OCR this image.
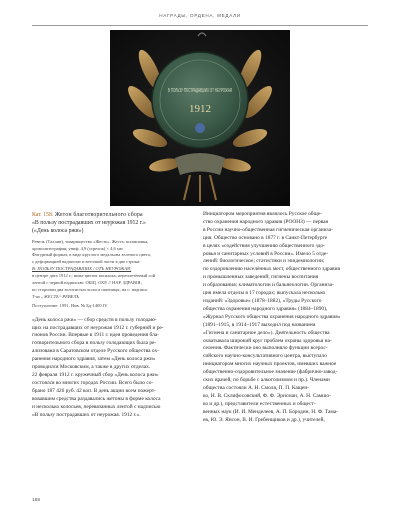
НАГРАДЫ, ОРДЕНА, МЕДАЛИ
В ПОЛЬЗУ ПОСТРАДАВШИХ ОТ НЕУРОЖАЯ
1912

Кат. 158. Жетон благотворительного сбора

«В пользу пострадавших от неурожая 1912 г.»

(«День колоса ржи»)

Ревель (Таллин), товарищество «Жесть». Жесть: штамповка,

хромолитография; униф. 4,9 (стрелок) × 4,6 мм

Фигурный формат, в виде круглого медальона зеленого цвета,

с деформацией надписью и веточкой части в две строки:

В: ПОЛЬЗУ ПОСТРАДАВШИХ / ОТЪ НЕУРОЖАЯ,

в центре дата 1912 г.; ниже цветок василька, переплетённый сой

лентой с черной надписью: ОБЩ. ОХР. // НАР. ЗДРАВІЯ;

по сторонам два золотистых колоса пшеницы; на с. надпись:

Т‑во „ЖЕСТЬ“ РЕВЕЛЬ

Поступление: 1991. Инв. № Бд‑1400 IV

«День колоса ржи» — сбор средств в пользу голодаю-

щих на пострадавших от неурожая 1912 г. губерний и ре-

гионов России. Впервые в 1911 г. идея проведения бла-

готворительного сбора в пользу голодающих была ре-

ализована в Саратовском отделе Русского общества ох-

ранения народного здравия, затем «День колоса ржи»

проводился Московским, а также в других отделах.

22 февраля 1912 г. кружечный сбор «День колоса ржи»

состоялся во многих городах России. Всего было со-

брано 187 426 руб. 42 коп. В день акции всем пожерт-

вовавшим средства раздавались жетоны в форме колоса

и несколько колосьев, перевязанных лентой с надписью

«В пользу пострадавших от неурожая. 1912 г.».

Инициатором мероприятия являлось Русское обще-

ство охранения народного здравия (РООНЗ) — первая

в России научно-общественная гигиеническая организа-

ция. Общество основано в 1877 г. в Санкт-Петербурге

в целях «содействия улучшению общественного здо-

ровья и санитарных условий в России». Имело 5 отде-

лений: биологическое; статистики и эпидемиологии;

по оздоровлению населённых мест, общественного здравия

и промышленных заведений; гигиены воспитания

и образования; климатологии и бальнеологии. Организа-

ция имела отделы в 17 городах; выпускала несколько

изданий: «Здоровье» (1878–1882), «Труды Русского

общества охранения народного здравия» (1884–1890),

«Журнал Русского общества охранения народного здравия»

(1891–1915, в 1914–1917 выходил под названием

«Гигиена и санитарное дело»). Деятельность общества

охватывала широкий круг проблем охраны здоровья на-

селения. Фактически оно выполняло функции всерос-

сийского научно-консультативного центра, выступало

инициатором многих научных проектов, имевших важное

общественно-оздоровительное значение (фабрично-завод-

ских врачей, по борьбе с алкоголизмом и пр.). Членами

общества состояли А. Н. Смоля, П. П. Кащен-

ко, Н. В. Склифосовский, Ф. Ф. Эрисман, А. Н. Самшо-

ко и др.), представители естественных и общест-

венных наук (И. И. Менделеев, А. П. Бородин, Н. Ф. Тама-

ев, Ю. Э. Янсон, В. И. Гребенщиков и др.), учителей,

168
